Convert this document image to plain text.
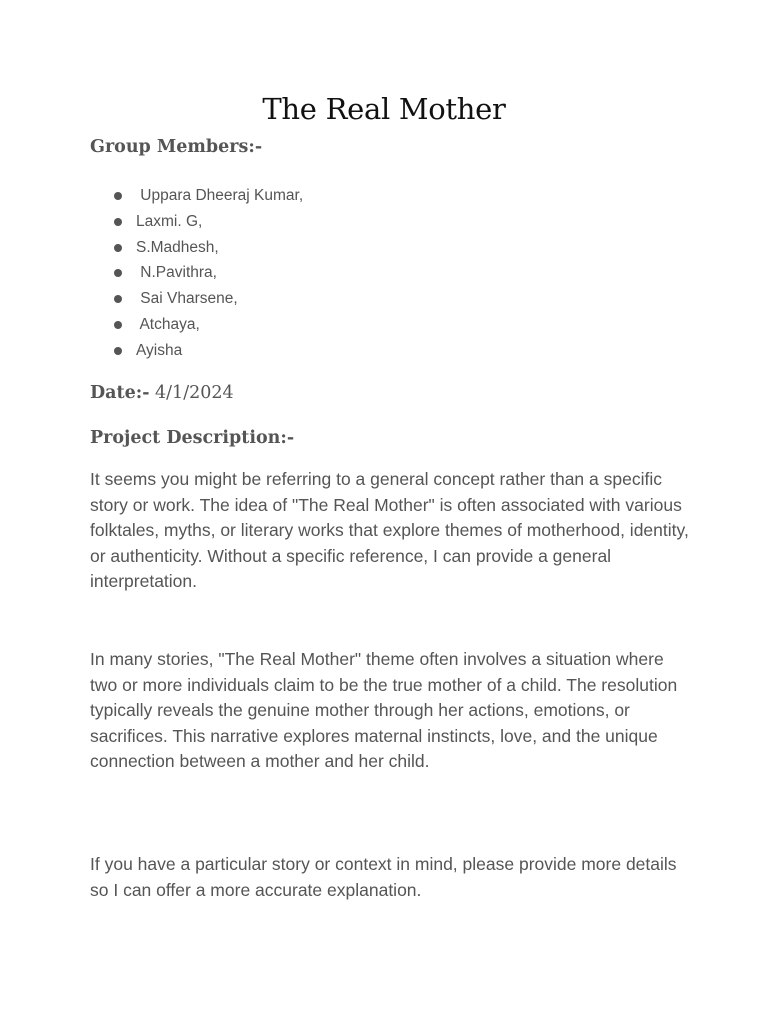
The Real Mother

Group Members:-

Uppara Dheeraj Kumar,
Laxmi. G,
S.Madhesh,
N.Pavithra,
Sai Vharsene,
Atchaya,
Ayisha

Date:- 4/1/2024

Project Description:-

It seems you might be referring to a general concept rather than a specific story or work. The idea of "The Real Mother" is often associated with various folktales, myths, or literary works that explore themes of motherhood, identity, or authenticity. Without a specific reference, I can provide a general interpretation.

In many stories, "The Real Mother" theme often involves a situation where two or more individuals claim to be the true mother of a child. The resolution typically reveals the genuine mother through her actions, emotions, or sacrifices. This narrative explores maternal instincts, love, and the unique connection between a mother and her child.

If you have a particular story or context in mind, please provide more details so I can offer a more accurate explanation.
